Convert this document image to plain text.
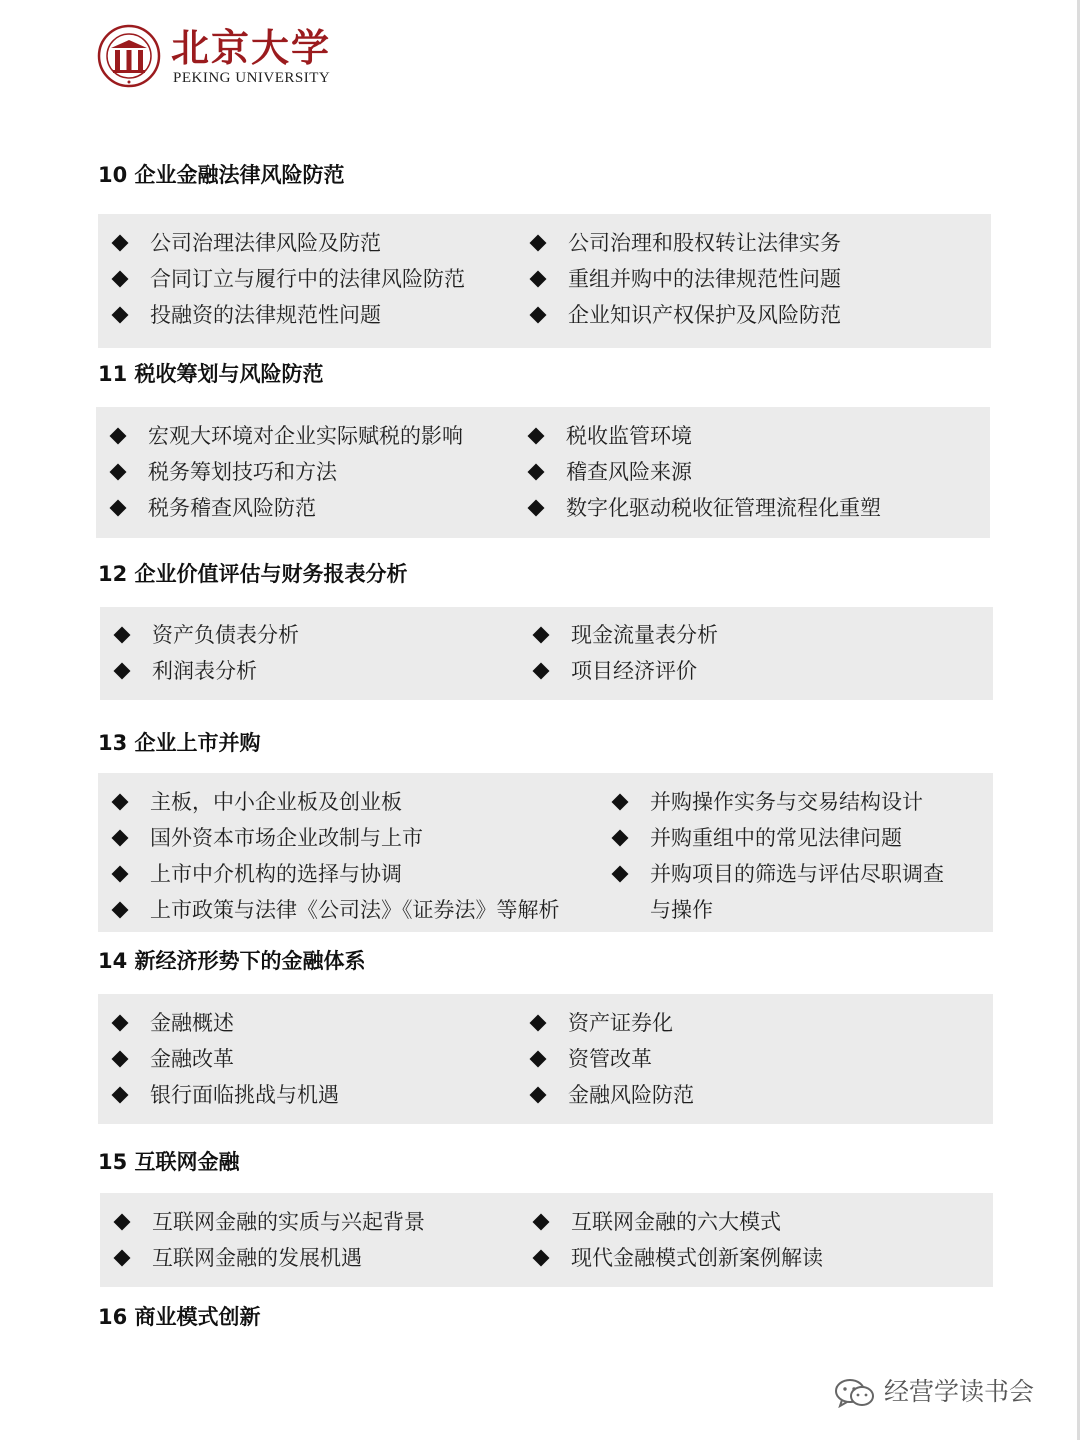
北京大学
PEKING UNIVERSITY
10 企业金融法律风险防范
公司治理法律风险及防范
合同订立与履行中的法律风险防范
投融资的法律规范性问题
公司治理和股权转让法律实务
重组并购中的法律规范性问题
企业知识产权保护及风险防范
11 税收筹划与风险防范
宏观大环境对企业实际赋税的影响
税务筹划技巧和方法
税务稽查风险防范
税收监管环境
稽查风险来源
数字化驱动税收征管理流程化重塑
12 企业价值评估与财务报表分析
资产负债表分析
利润表分析
现金流量表分析
项目经济评价
13 企业上市并购
主板，中小企业板及创业板
国外资本市场企业改制与上市
上市中介机构的选择与协调
上市政策与法律《公司法》《证券法》等解析
并购操作实务与交易结构设计
并购重组中的常见法律问题
并购项目的筛选与评估尽职调查
与操作
14 新经济形势下的金融体系
金融概述
金融改革
银行面临挑战与机遇
资产证券化
资管改革
金融风险防范
15 互联网金融
互联网金融的实质与兴起背景
互联网金融的发展机遇
互联网金融的六大模式
现代金融模式创新案例解读
16 商业模式创新
经营学读书会
